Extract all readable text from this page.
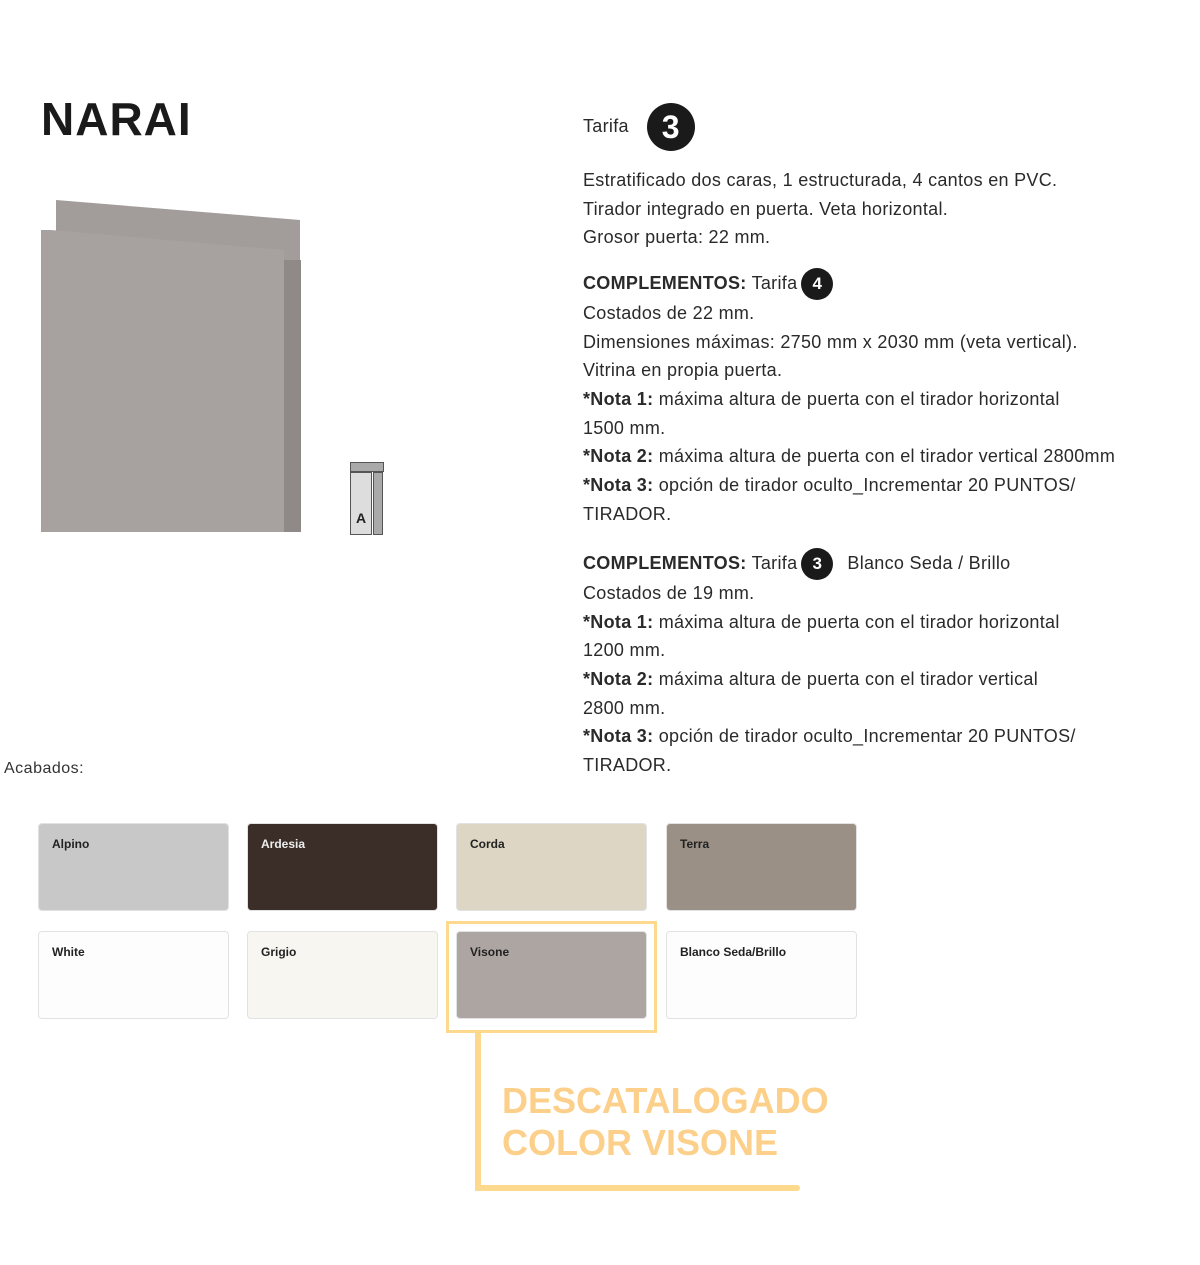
NARAI
A
Tarifa 3
Estratificado dos caras, 1 estructurada, 4 cantos en PVC.
Tirador integrado en puerta. Veta horizontal.
Grosor puerta: 22 mm.
COMPLEMENTOS: Tarifa 4
Costados de 22 mm.
Dimensiones máximas: 2750 mm x 2030 mm (veta vertical).
Vitrina en propia puerta.
*Nota 1: máxima altura de puerta con el tirador horizontal
1500 mm.
*Nota 2: máxima altura de puerta con el tirador vertical 2800mm
*Nota 3: opción de tirador oculto_Incrementar 20 PUNTOS/
TIRADOR.
COMPLEMENTOS: Tarifa 3 Blanco Seda / Brillo
Costados de 19 mm.
*Nota 1: máxima altura de puerta con el tirador horizontal
1200 mm.
*Nota 2: máxima altura de puerta con el tirador vertical
2800 mm.
*Nota 3: opción de tirador oculto_Incrementar 20 PUNTOS/
TIRADOR.
Acabados:
Alpino	Ardesia	Corda	Terra
White	Grigio	Visone	Blanco Seda/Brillo
DESCATALOGADO
COLOR VISONE
